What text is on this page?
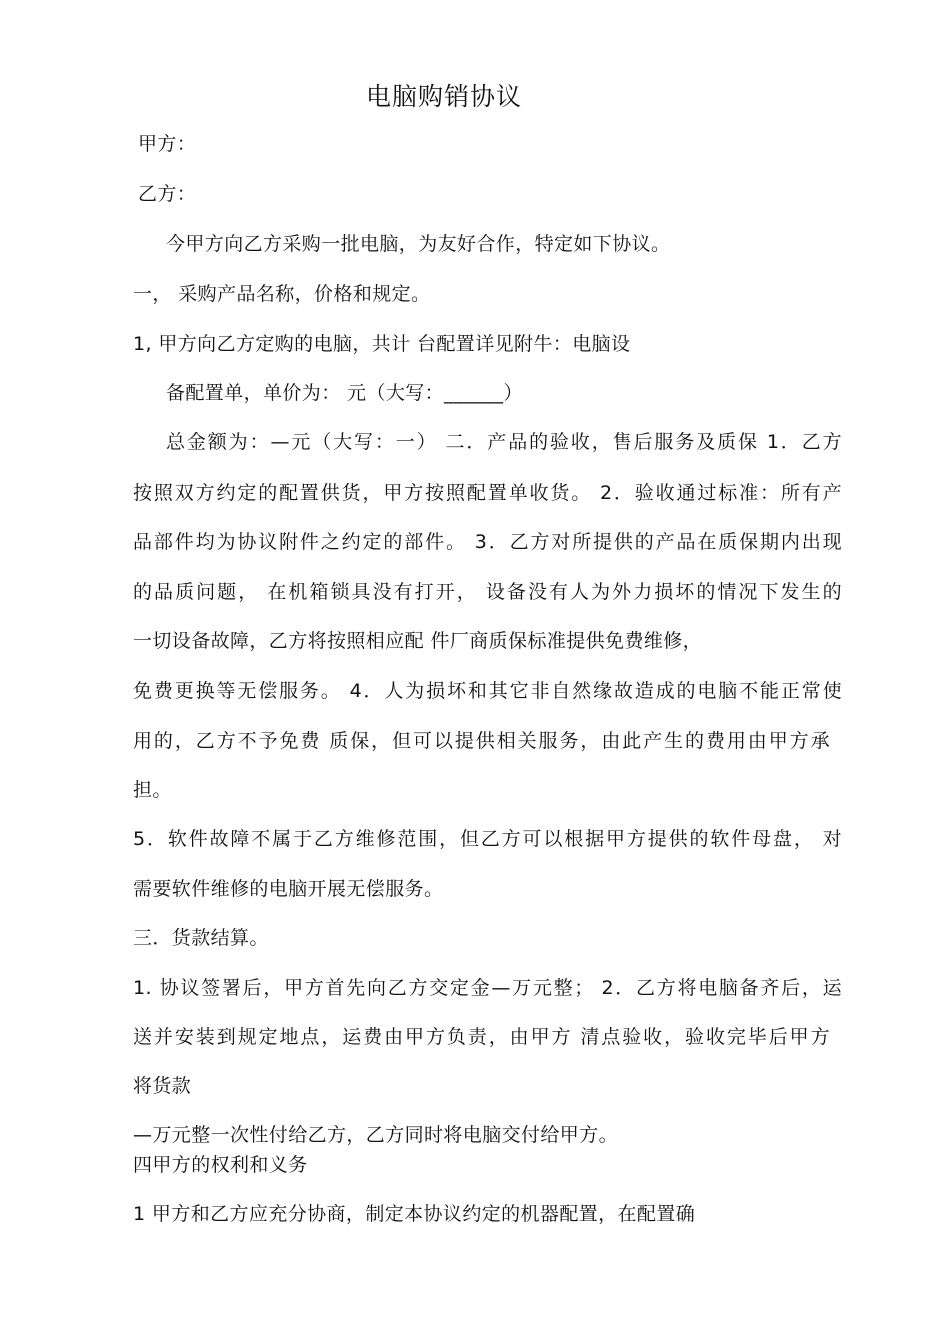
电脑购销协议
甲方：
乙方：
今甲方向乙方采购一批电脑，为友好合作，特定如下协议。
一， 采购产品名称，价格和规定。
1, 甲方向乙方定购的电脑，共计 台配置详见附牛：电脑设
备配置单，单价为： 元（大写：______）
总金额为：—元（大写：一） 二．产品的验收，售后服务及质保 1．乙方
按照双方约定的配置供货，甲方按照配置单收货。 2．验收通过标准：所有产
品部件均为协议附件之约定的部件。 3．乙方对所提供的产品在质保期内出现
的品质问题， 在机箱锁具没有打开， 设备没有人为外力损坏的情况下发生的
一切设备故障，乙方将按照相应配 件厂商质保标准提供免费维修，
免费更换等无偿服务。 4．人为损坏和其它非自然缘故造成的电脑不能正常使
用的，乙方不予免费 质保，但可以提供相关服务，由此产生的费用由甲方承
担。
5．软件故障不属于乙方维修范围，但乙方可以根据甲方提供的软件母盘， 对
需要软件维修的电脑开展无偿服务。
三．货款结算。
1. 协议签署后，甲方首先向乙方交定金—万元整； 2．乙方将电脑备齐后，运
送并安装到规定地点，运费由甲方负责，由甲方 清点验收，验收完毕后甲方
将货款
—万元整一次性付给乙方，乙方同时将电脑交付给甲方。
四甲方的权利和义务
1 甲方和乙方应充分协商，制定本协议约定的机器配置，在配置确
